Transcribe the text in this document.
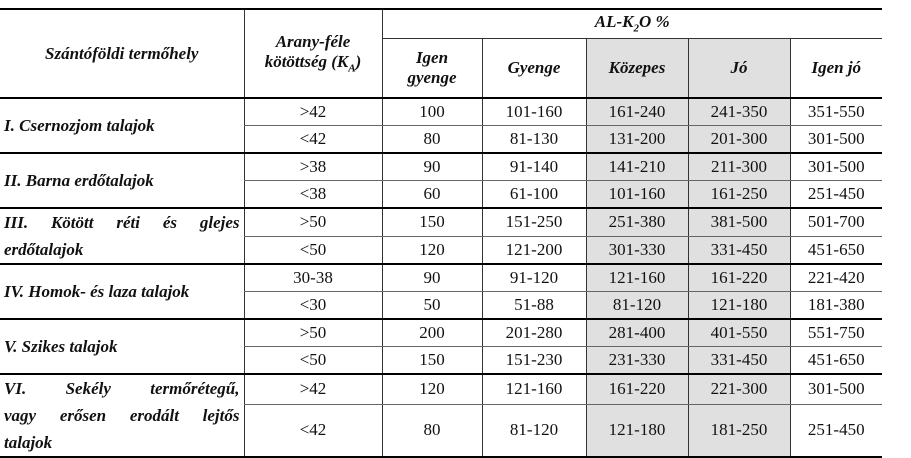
Szántóföldi termőhely	Arany-féle
kötöttség $(K_A)$	$AL-K_2O$ %				
		Igen
gyenge	Gyenge	Közepes	Jó	Igen jó

I. Csernozjom talajok	>42	100	101-160	161-240	241-350	351-550
	<42	80	81-130	131-200	201-300	301-500

II. Barna erdőtalajok	>38	90	91-140	141-210	211-300	301-500
	<38	60	61-100	101-160	161-250	251-450

III. Kötött réti és glejes
erdőtalajok	>50	150	151-250	251-380	381-500	501-700
	<50	120	121-200	301-330	331-450	451-650

IV. Homok- és laza talajok	30-38	90	91-120	121-160	161-220	221-420
	<30	50	51-88	81-120	121-180	181-380

V. Szikes talajok	>50	200	201-280	281-400	401-550	551-750
	<50	150	151-230	231-330	331-450	451-650

VI. Sekély termőrétegű,
vagy erősen erodált lejtős
talajok	>42	120	121-160	161-220	221-300	301-500
	<42	80	81-120	121-180	181-250	251-450
